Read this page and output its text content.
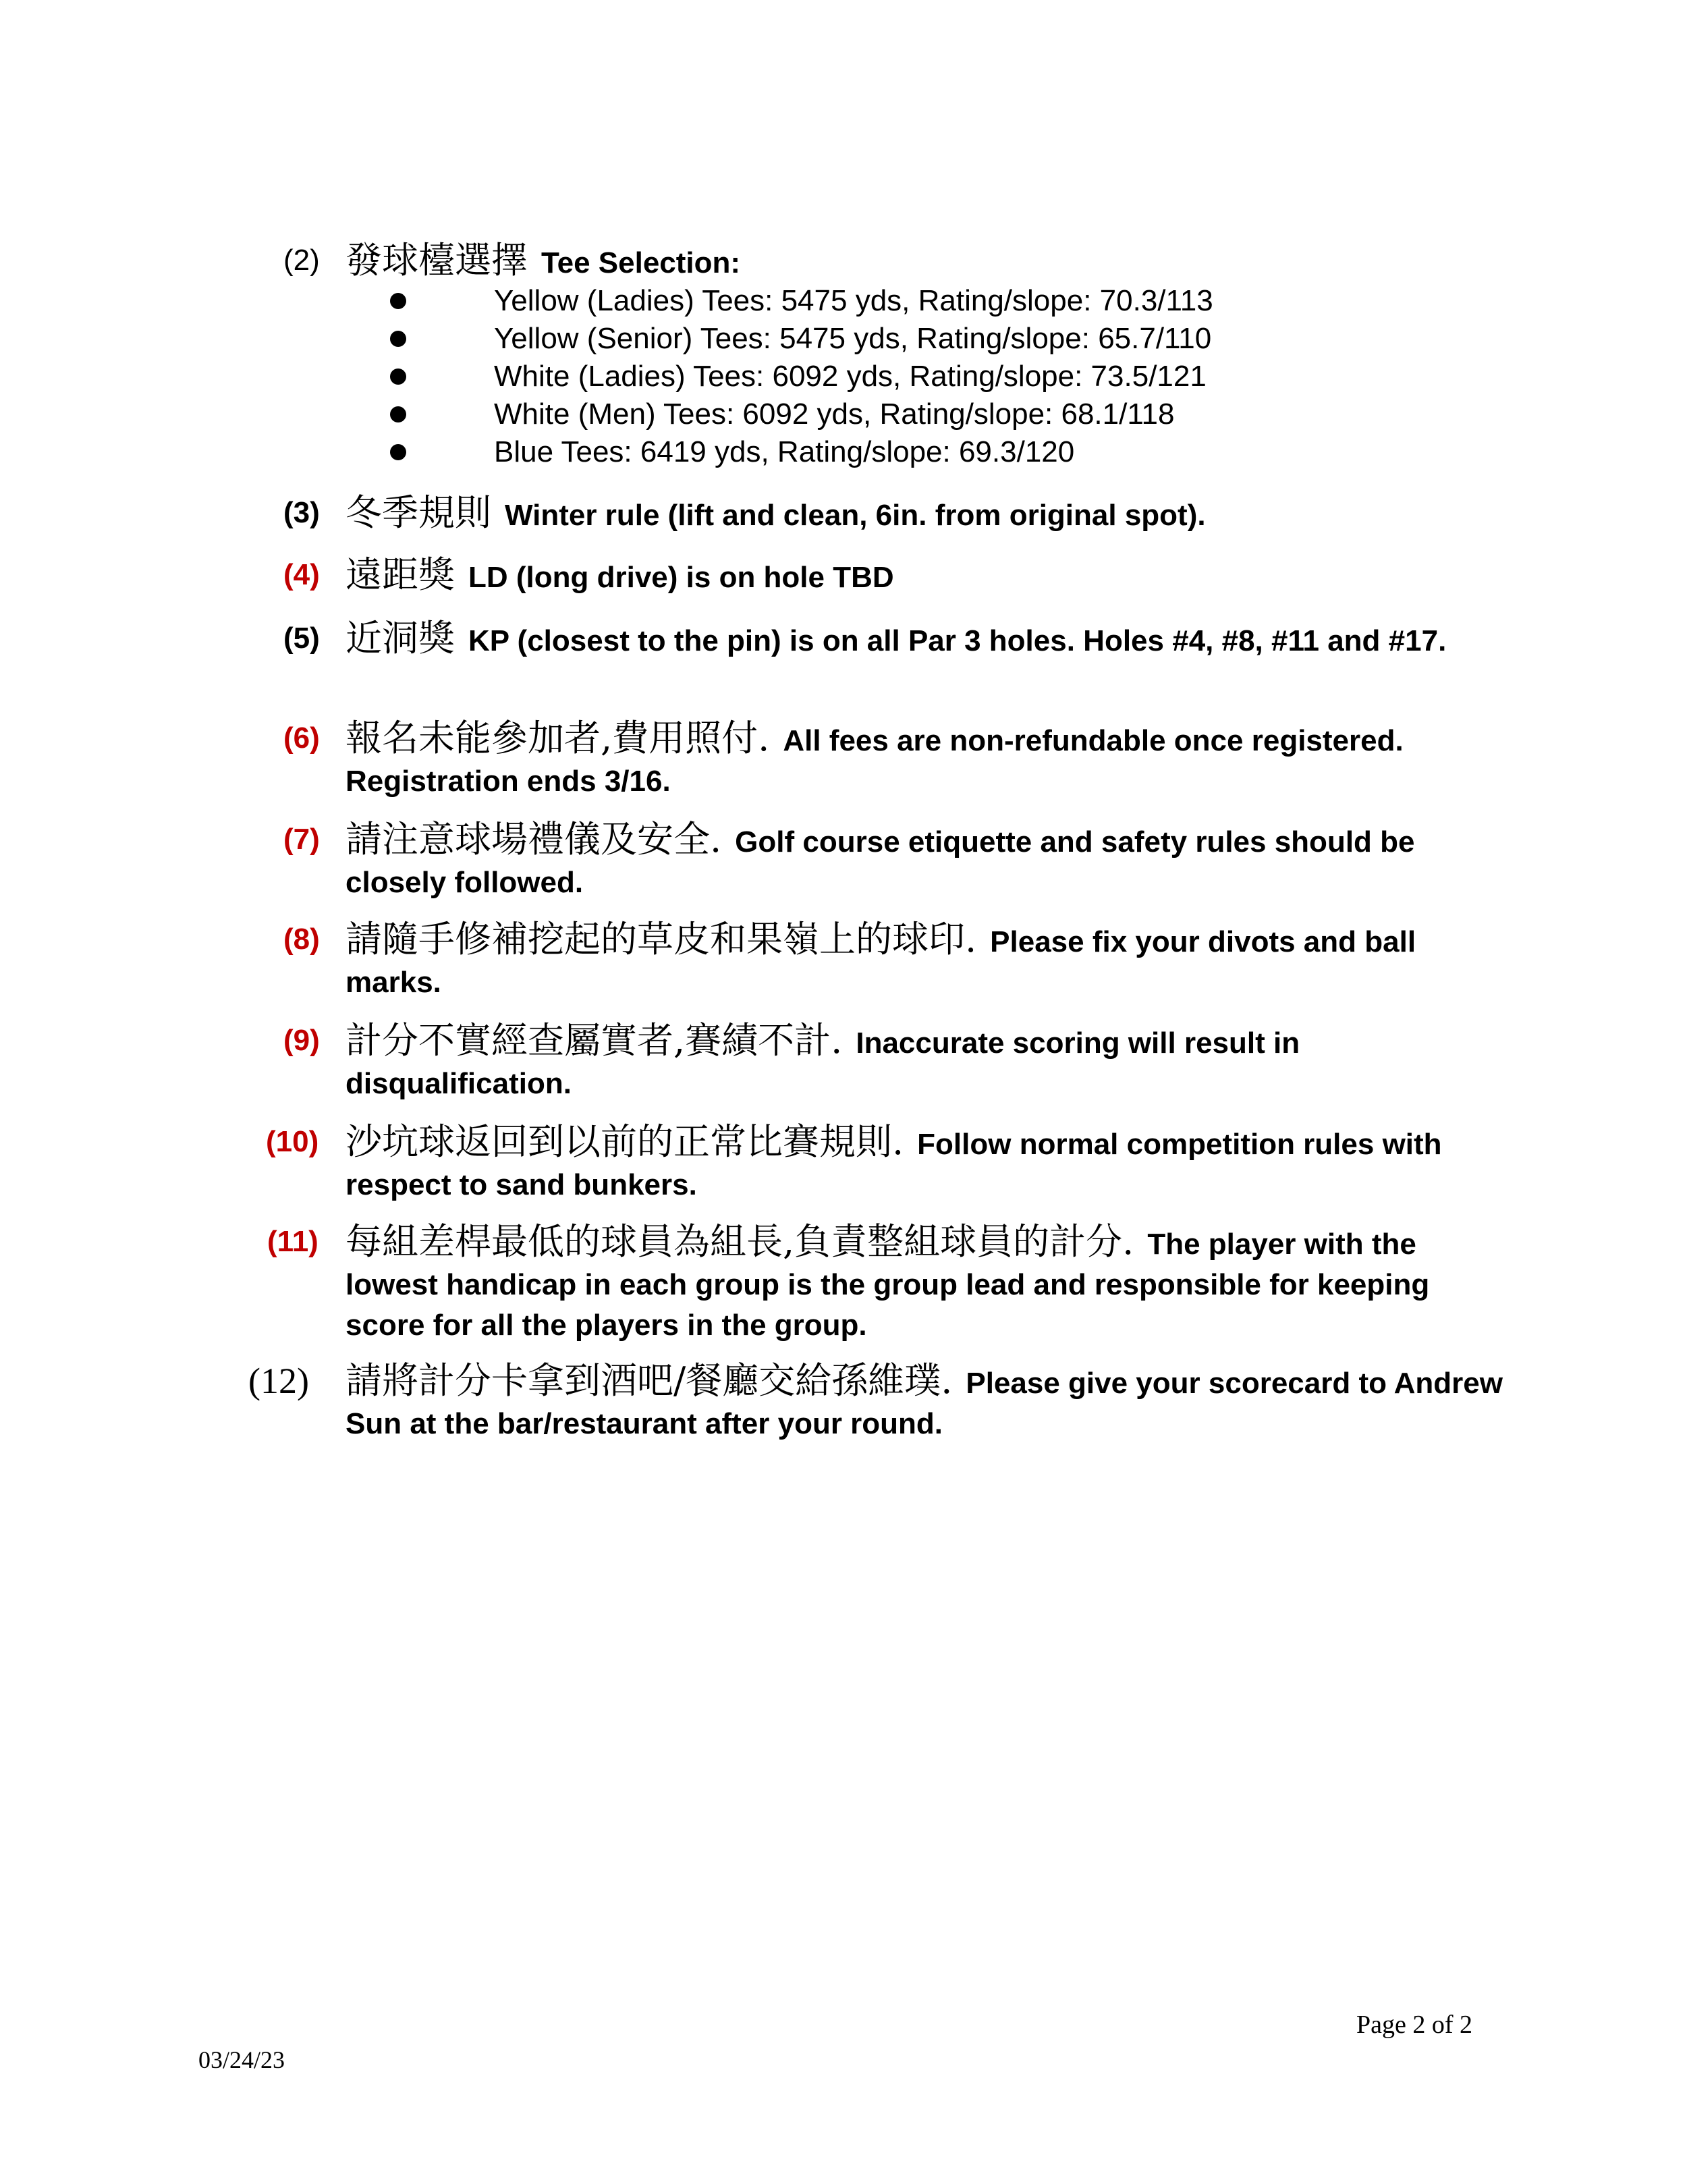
(2) 發球檯選擇 Tee Selection:
Yellow (Ladies) Tees: 5475 yds, Rating/slope: 70.3/113
Yellow (Senior) Tees: 5475 yds, Rating/slope: 65.7/110
White (Ladies) Tees: 6092 yds, Rating/slope: 73.5/121
White (Men) Tees: 6092 yds, Rating/slope: 68.1/118
Blue Tees: 6419 yds, Rating/slope: 69.3/120
(3) 冬季規則 Winter rule (lift and clean, 6in. from original spot).
(4) 遠距獎 LD (long drive) is on hole TBD
(5) 近洞獎 KP (closest to the pin) is on all Par 3 holes. Holes #4, #8, #11 and #17.
(6) 報名未能參加者,費用照付. All fees are non-refundable once registered. Registration ends 3/16.
(7) 請注意球場禮儀及安全. Golf course etiquette and safety rules should be closely followed.
(8) 請隨手修補挖起的草皮和果嶺上的球印. Please fix your divots and ball marks.
(9) 計分不實經查屬實者,賽績不計. Inaccurate scoring will result in disqualification.
(10) 沙坑球返回到以前的正常比賽規則. Follow normal competition rules with respect to sand bunkers.
(11) 每組差桿最低的球員為組長,負責整組球員的計分. The player with the lowest handicap in each group is the group lead and responsible for keeping score for all the players in the group.
(12) 請將計分卡拿到酒吧/餐廳交給孫維璞. Please give your scorecard to Andrew Sun at the bar/restaurant after your round.
Page 2 of 2
03/24/23
